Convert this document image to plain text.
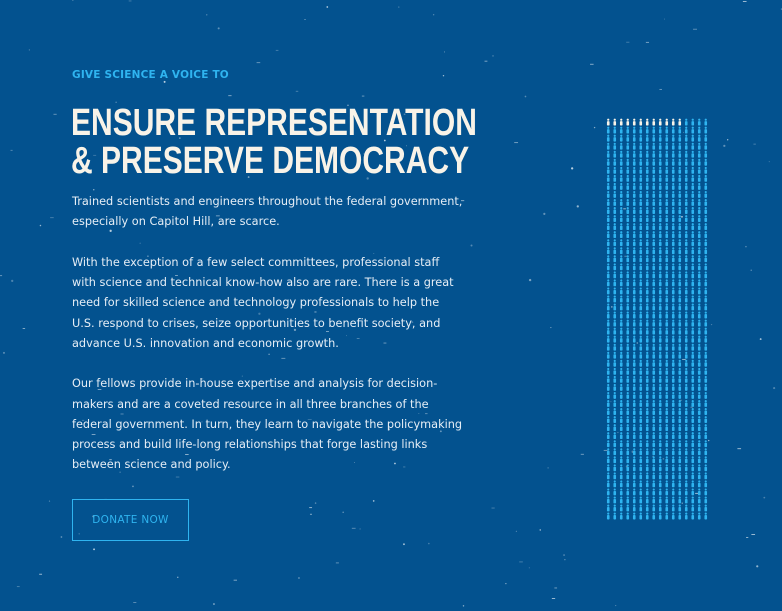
GIVE SCIENCE A VOICE TO

ENSURE REPRESENTATION
& PRESERVE DEMOCRACY

Trained scientists and engineers throughout the federal government, especially on Capitol Hill, are scarce.

With the exception of a few select committees, professional staff with science and technical know-how also are rare. There is a great need for skilled science and technology professionals to help the U.S. respond to crises, seize opportunities to benefit society, and advance U.S. innovation and economic growth.

Our fellows provide in-house expertise and analysis for decision-makers and are a coveted resource in all three branches of the federal government. In turn, they learn to navigate the policymaking process and build life-long relationships that forge lasting links between science and policy.

DONATE NOW
